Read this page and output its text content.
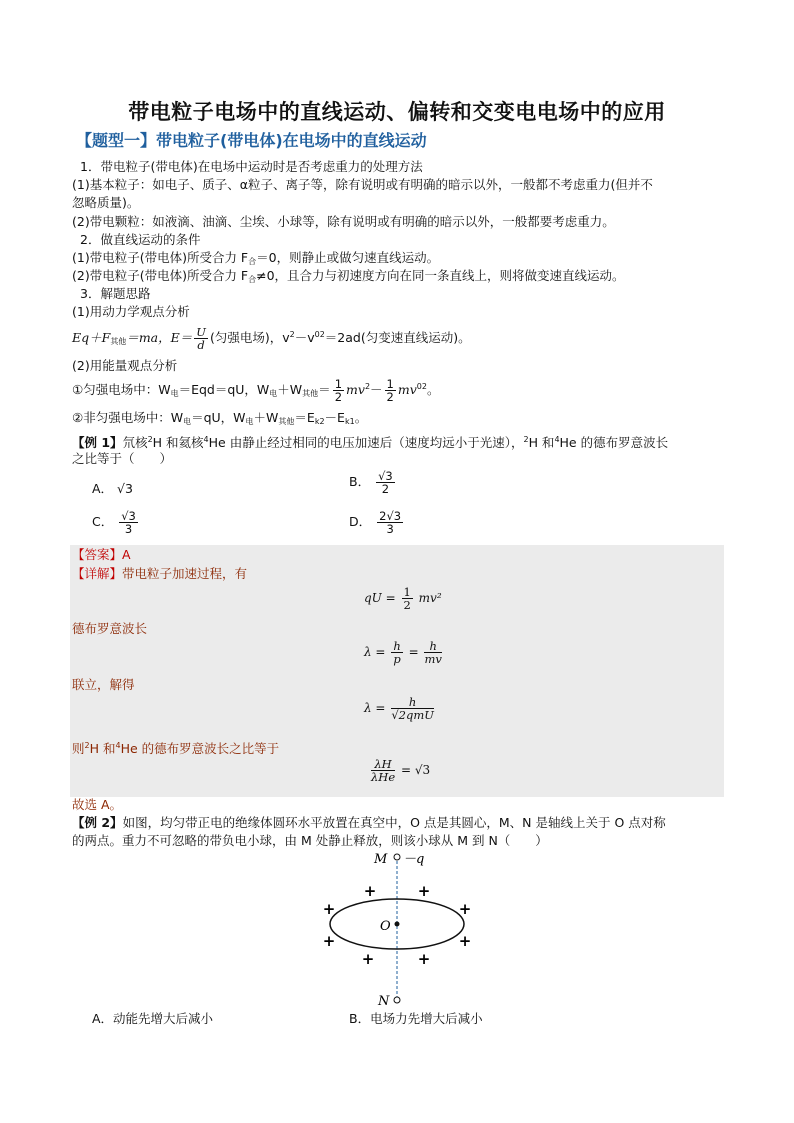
带电粒子电场中的直线运动、偏转和交变电电场中的应用
【题型一】带电粒子(带电体)在电场中的直线运动
1．带电粒子(带电体)在电场中运动时是否考虑重力的处理方法
(1)基本粒子：如电子、质子、α粒子、离子等，除有说明或有明确的暗示以外，一般都不考虑重力(但并不
忽略质量)。
(2)带电颗粒：如液滴、油滴、尘埃、小球等，除有说明或有明确的暗示以外，一般都要考虑重力。
2．做直线运动的条件
(1)带电粒子(带电体)所受合力 $F_合=0$，则静止或做匀速直线运动。
(2)带电粒子(带电体)所受合力 $F_合\ne 0$，且合力与初速度方向在同一条直线上，则将做变速直线运动。
3．解题思路
(1)用动力学观点分析
$Eq+F_{其他}=ma$，$E= \frac{U}{d}$ (匀强电场)，$v^2-v^{02}=2ad$(匀变速直线运动)。
(2)用能量观点分析
①匀强电场中：$W_电=Eqd=qU$，$W_电+W_{其他}= \frac{1}{2} mv^2- \frac{1}{2} mv^{02}$。
②非匀强电场中：$W_电=qU$，$W_电+W_{其他}=E_{k2}-E_{k1}$。
【例 1】氘核$^2$H 和氦核$^4$He 由静止经过相同的电压加速后（速度均远小于光速），$^2$H 和$^4$He 的德布罗意波长
之比等于（　　）
A． √3	B． $\frac{√3}{2}$
C． $\frac{√3}{3}$	D． $\frac{2√3}{3}$
【答案】A
【详解】带电粒子加速过程，有
qU = $\frac{1}{2} mv^2$
德布罗意波长
$\lambda = \frac{h}{p} = \frac{h}{mv}$
联立，解得
$\lambda = \frac{h}{\text{√2qmU}}$
则$^2$H 和$^4$He 的德布罗意波长之比等于
$\frac{\lambda H}{\text{λHe}} = √3$
故选 A。
【例 2】如图，均匀带正电的绝缘体圆环水平放置在真空中，O 点是其圆心，M、N 是轴线上关于 O 点对称
的两点。重力不可忽略的带负电小球，由 M 处静止释放，则该小球从 M 到 N（　　）
M －q
O
N
+	+
+	+
+	+
+	+
A．动能先增大后减小	B．电场力先增大后减小
